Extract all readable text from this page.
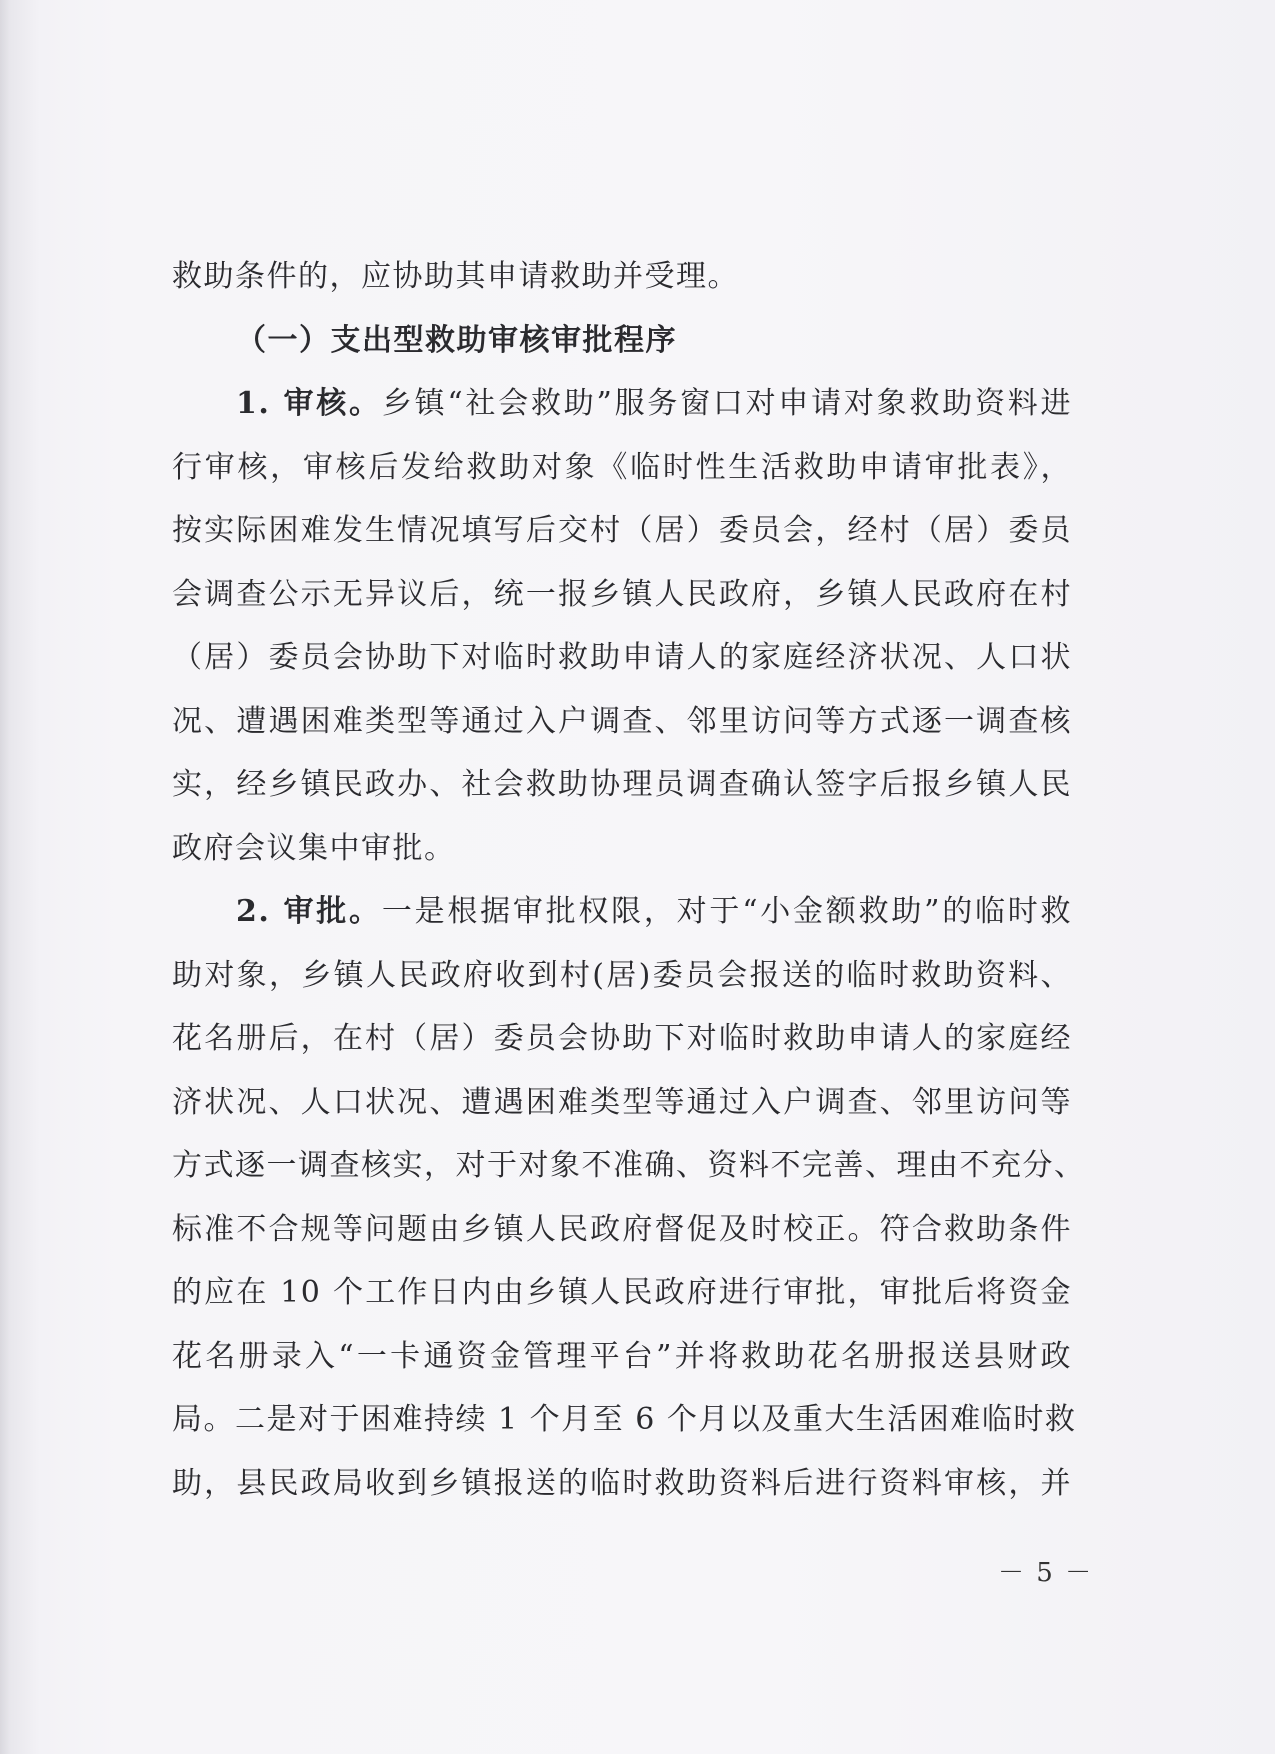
救助条件的，应协助其申请救助并受理。
（一）支出型救助审核审批程序
1. 审核。乡镇“社会救助”服务窗口对申请对象救助资料进
行审核，审核后发给救助对象《临时性生活救助申请审批表》，
按实际困难发生情况填写后交村（居）委员会，经村（居）委员
会调查公示无异议后，统一报乡镇人民政府，乡镇人民政府在村
（居）委员会协助下对临时救助申请人的家庭经济状况、人口状
况、遭遇困难类型等通过入户调查、邻里访问等方式逐一调查核
实，经乡镇民政办、社会救助协理员调查确认签字后报乡镇人民
政府会议集中审批。
2. 审批。一是根据审批权限，对于“小金额救助”的临时救
助对象，乡镇人民政府收到村(居)委员会报送的临时救助资料、
花名册后，在村（居）委员会协助下对临时救助申请人的家庭经
济状况、人口状况、遭遇困难类型等通过入户调查、邻里访问等
方式逐一调查核实，对于对象不准确、资料不完善、理由不充分、
标准不合规等问题由乡镇人民政府督促及时校正。符合救助条件
的应在 10 个工作日内由乡镇人民政府进行审批，审批后将资金
花名册录入“一卡通资金管理平台”并将救助花名册报送县财政
局。二是对于困难持续 1 个月至 6 个月以及重大生活困难临时救
助，县民政局收到乡镇报送的临时救助资料后进行资料审核，并
－ 5 －
